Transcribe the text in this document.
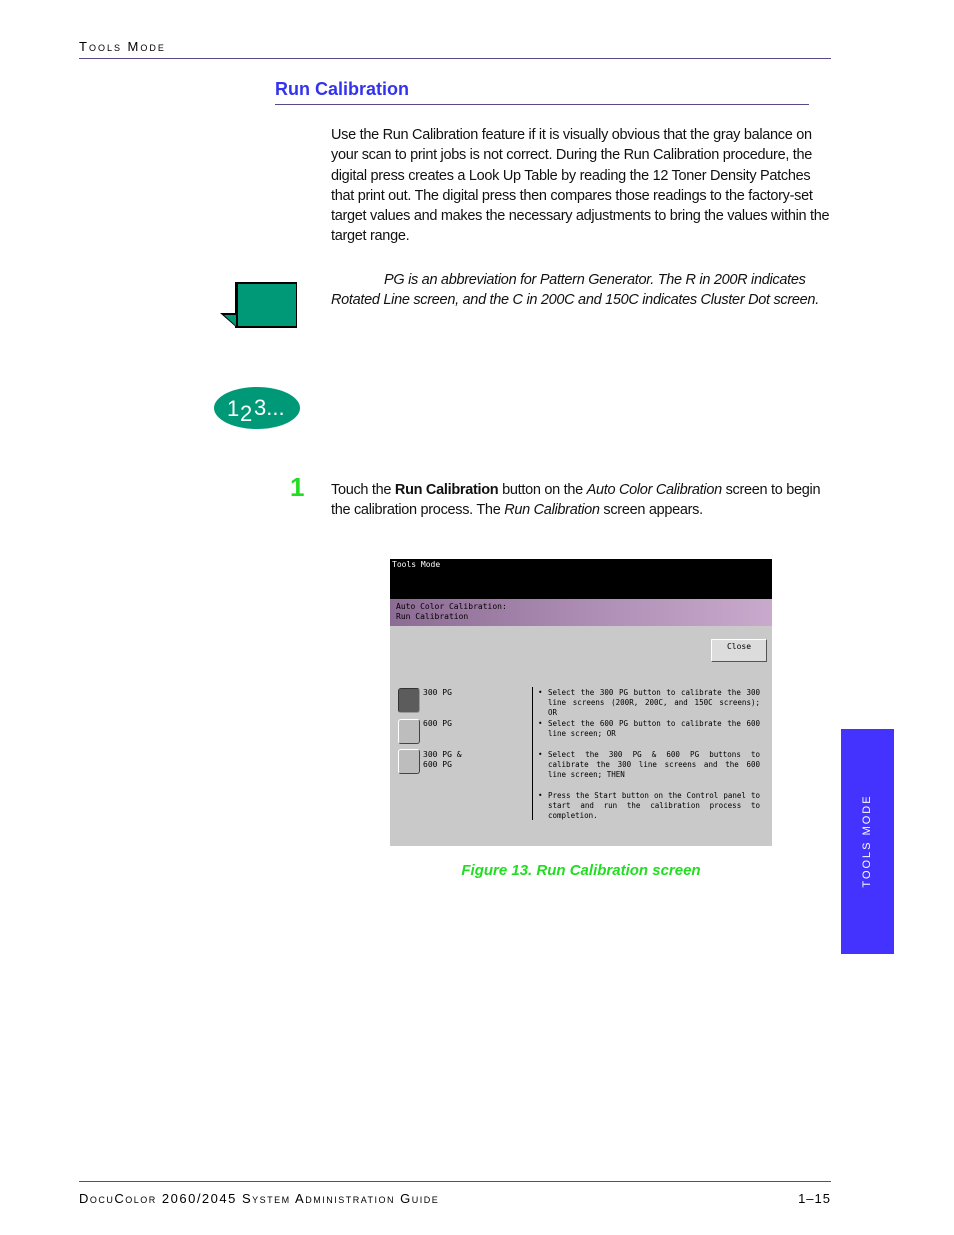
Tools Mode
Run Calibration
Use the Run Calibration feature if it is visually obvious that the gray balance on your scan to print jobs is not correct. During the Run Calibration procedure, the digital press creates a Look Up Table by reading the 12 Toner Density Patches that print out. The digital press then compares those readings to the factory-set target values and makes the necessary adjustments to bring the values within the target range.
PG is an abbreviation for Pattern Generator. The R in 200R indicates Rotated Line screen, and the C in 200C and 150C indicates Cluster Dot screen.
1 2 3...
1 Touch the Run Calibration button on the Auto Color Calibration screen to begin the calibration process. The Run Calibration screen appears.
Tools Mode
Auto Color Calibration:
Run Calibration
Close
300 PG
600 PG
300 PG &
600 PG
• Select the 300 PG button to calibrate the 300 line screens (200R, 200C, and 150C screens); OR
• Select the 600 PG button to calibrate the 600 line screen; OR
• Select the 300 PG & 600 PG buttons to calibrate the 300 line screens and the 600 line screen; THEN
• Press the Start button on the Control panel to start and run the calibration process to completion.
Figure 13. Run Calibration screen	TOOLS MODE
DocuColor 2060/2045 System Administration Guide	1–15
